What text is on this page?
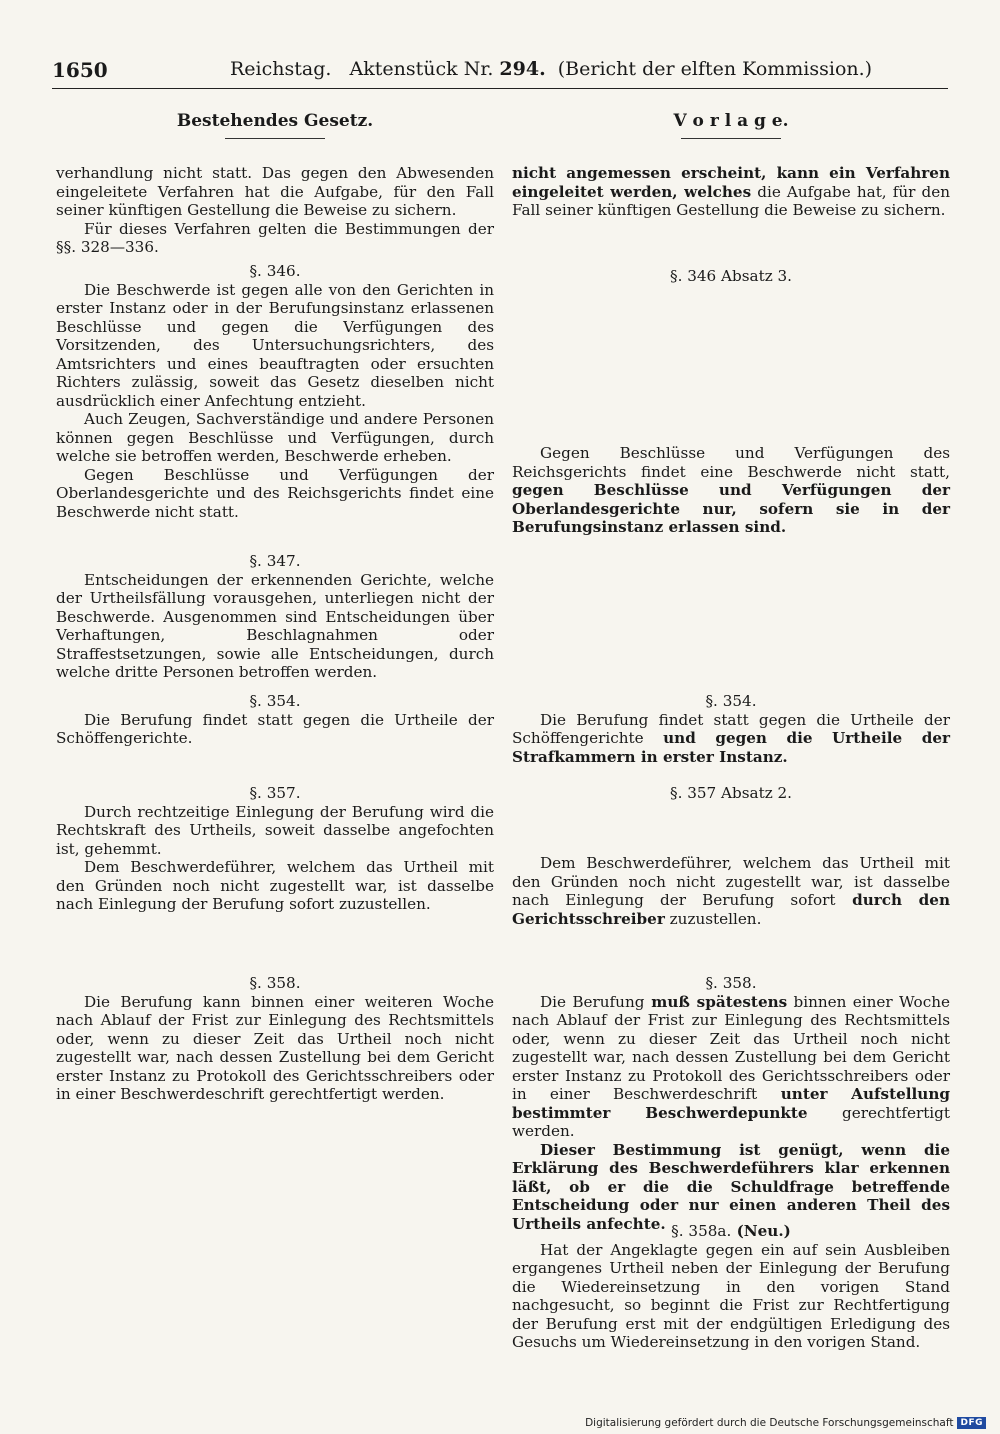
1650	Reichstag.   Aktenstück Nr. 294.  (Bericht der elften Kommission.)

Bestehendes Gesetz.

verhandlung nicht statt. Das gegen den Abwesenden eingeleitete Verfahren hat die Aufgabe, für den Fall seiner künftigen Gestellung die Beweise zu sichern.

Für dieses Verfahren gelten die Bestimmungen der §§. 328—336.

§. 346.

Die Beschwerde ist gegen alle von den Gerichten in erster Instanz oder in der Berufungsinstanz erlassenen Beschlüsse und gegen die Verfügungen des Vorsitzenden, des Untersuchungsrichters, des Amtsrichters und eines beauftragten oder ersuchten Richters zulässig, soweit das Gesetz dieselben nicht ausdrücklich einer Anfechtung entzieht.

Auch Zeugen, Sachverständige und andere Personen können gegen Beschlüsse und Verfügungen, durch welche sie betroffen werden, Beschwerde erheben.

Gegen Beschlüsse und Verfügungen der Oberlandesgerichte und des Reichsgerichts findet eine Beschwerde nicht statt.

§. 347.

Entscheidungen der erkennenden Gerichte, welche der Urtheilsfällung vorausgehen, unterliegen nicht der Beschwerde. Ausgenommen sind Entscheidungen über Verhaftungen, Beschlagnahmen oder Straffestsetzungen, sowie alle Entscheidungen, durch welche dritte Personen betroffen werden.

§. 354.

Die Berufung findet statt gegen die Urtheile der Schöffengerichte.

§. 357.

Durch rechtzeitige Einlegung der Berufung wird die Rechtskraft des Urtheils, soweit dasselbe angefochten ist, gehemmt.

Dem Beschwerdeführer, welchem das Urtheil mit den Gründen noch nicht zugestellt war, ist dasselbe nach Einlegung der Berufung sofort zuzustellen.

§. 358.

Die Berufung kann binnen einer weiteren Woche nach Ablauf der Frist zur Einlegung des Rechtsmittels oder, wenn zu dieser Zeit das Urtheil noch nicht zugestellt war, nach dessen Zustellung bei dem Gericht erster Instanz zu Protokoll des Gerichtsschreibers oder in einer Beschwerdeschrift gerechtfertigt werden.

V o r l a g e.

nicht angemessen erscheint, kann ein Verfahren eingeleitet werden, welches die Aufgabe hat, für den Fall seiner künftigen Gestellung die Beweise zu sichern.

§. 346 Absatz 3.

Gegen Beschlüsse und Verfügungen des Reichsgerichts findet eine Beschwerde nicht statt, gegen Beschlüsse und Verfügungen der Oberlandesgerichte nur, sofern sie in der Berufungsinstanz erlassen sind.

§. 354.

Die Berufung findet statt gegen die Urtheile der Schöffengerichte und gegen die Urtheile der Strafkammern in erster Instanz.

§. 357 Absatz 2.

Dem Beschwerdeführer, welchem das Urtheil mit den Gründen noch nicht zugestellt war, ist dasselbe nach Einlegung der Berufung sofort durch den Gerichtsschreiber zuzustellen.

§. 358.

Die Berufung muß spätestens binnen einer Woche nach Ablauf der Frist zur Einlegung des Rechtsmittels oder, wenn zu dieser Zeit das Urtheil noch nicht zugestellt war, nach dessen Zustellung bei dem Gericht erster Instanz zu Protokoll des Gerichtsschreibers oder in einer Beschwerdeschrift unter Aufstellung bestimmter Beschwerdepunkte gerechtfertigt werden.

Dieser Bestimmung ist genügt, wenn die Erklärung des Beschwerdeführers klar erkennen läßt, ob er die die Schuldfrage betreffende Entscheidung oder nur einen anderen Theil des Urtheils anfechte. §. 358a. (Neu.)

Hat der Angeklagte gegen ein auf sein Ausbleiben ergangenes Urtheil neben der Einlegung der Berufung die Wiedereinsetzung in den vorigen Stand nachgesucht, so beginnt die Frist zur Rechtfertigung der Berufung erst mit der endgültigen Erledigung des Gesuchs um Wiedereinsetzung in den vorigen Stand.

Digitalisierung gefördert durch die Deutsche Forschungsgemeinschaft DFG
